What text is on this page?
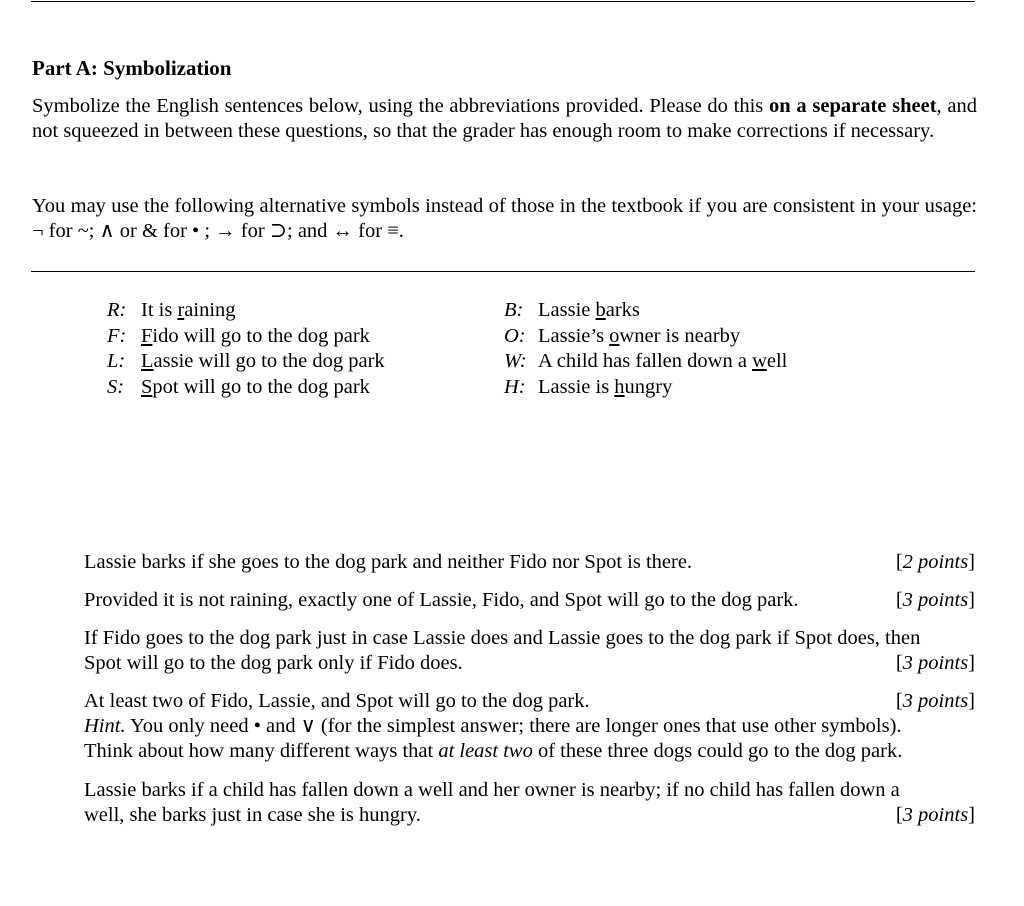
Part A: Symbolization
Symbolize the English sentences below, using the abbreviations provided. Please do this on a separate sheet, and not squeezed in between these questions, so that the grader has enough room to make corrections if necessary.
You may use the following alternative symbols instead of those in the textbook if you are consistent in your usage: ¬ for ~; ∧ or & for • ; → for ⊃; and ↔ for ≡.
R: It is raining
F: Fido will go to the dog park
L: Lassie will go to the dog park
S: Spot will go to the dog park
B: Lassie barks
O: Lassie’s owner is nearby
W: A child has fallen down a well
H: Lassie is hungry
Lassie barks if she goes to the dog park and neither Fido nor Spot is there.	[2 points]
Provided it is not raining, exactly one of Lassie, Fido, and Spot will go to the dog park.	[3 points]
If Fido goes to the dog park just in case Lassie does and Lassie goes to the dog park if Spot does, then
Spot will go to the dog park only if Fido does.	[3 points]
At least two of Fido, Lassie, and Spot will go to the dog park.	[3 points]
Hint. You only need • and ∨ (for the simplest answer; there are longer ones that use other symbols).
Think about how many different ways that at least two of these three dogs could go to the dog park.
Lassie barks if a child has fallen down a well and her owner is nearby; if no child has fallen down a
well, she barks just in case she is hungry.	[3 points]
